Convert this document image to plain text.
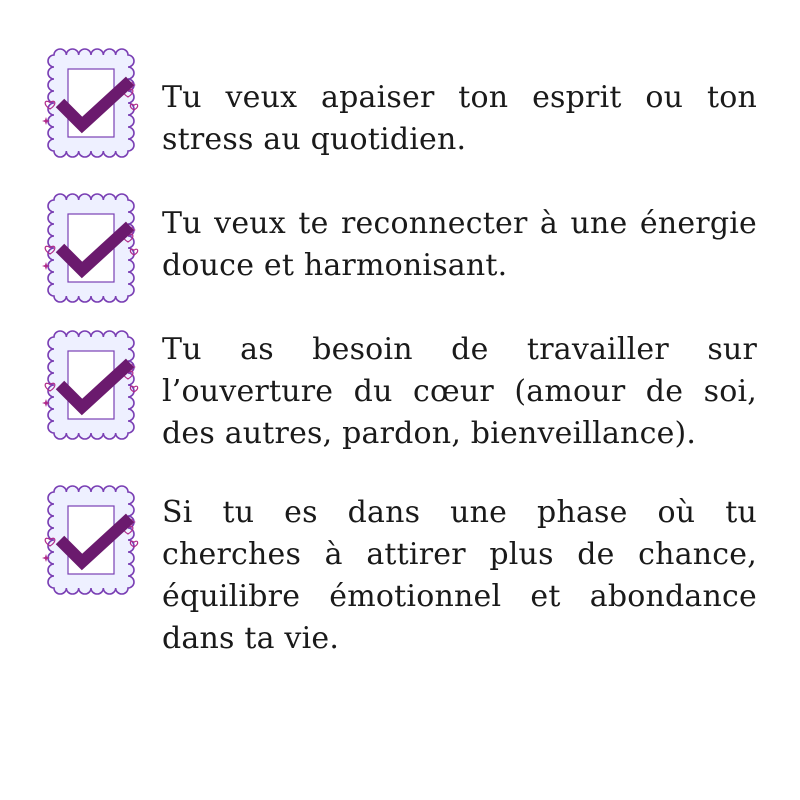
Tu veux apaiser ton esprit ou ton stress au quotidien.
Tu veux te reconnecter à une énergie douce et harmonisant.
Tu as besoin de travailler sur l’ouverture du cœur (amour de soi, des autres, pardon, bienveillance).
Si tu es dans une phase où tu cherches à attirer plus de chance, équilibre émotionnel et abondance dans ta vie.
